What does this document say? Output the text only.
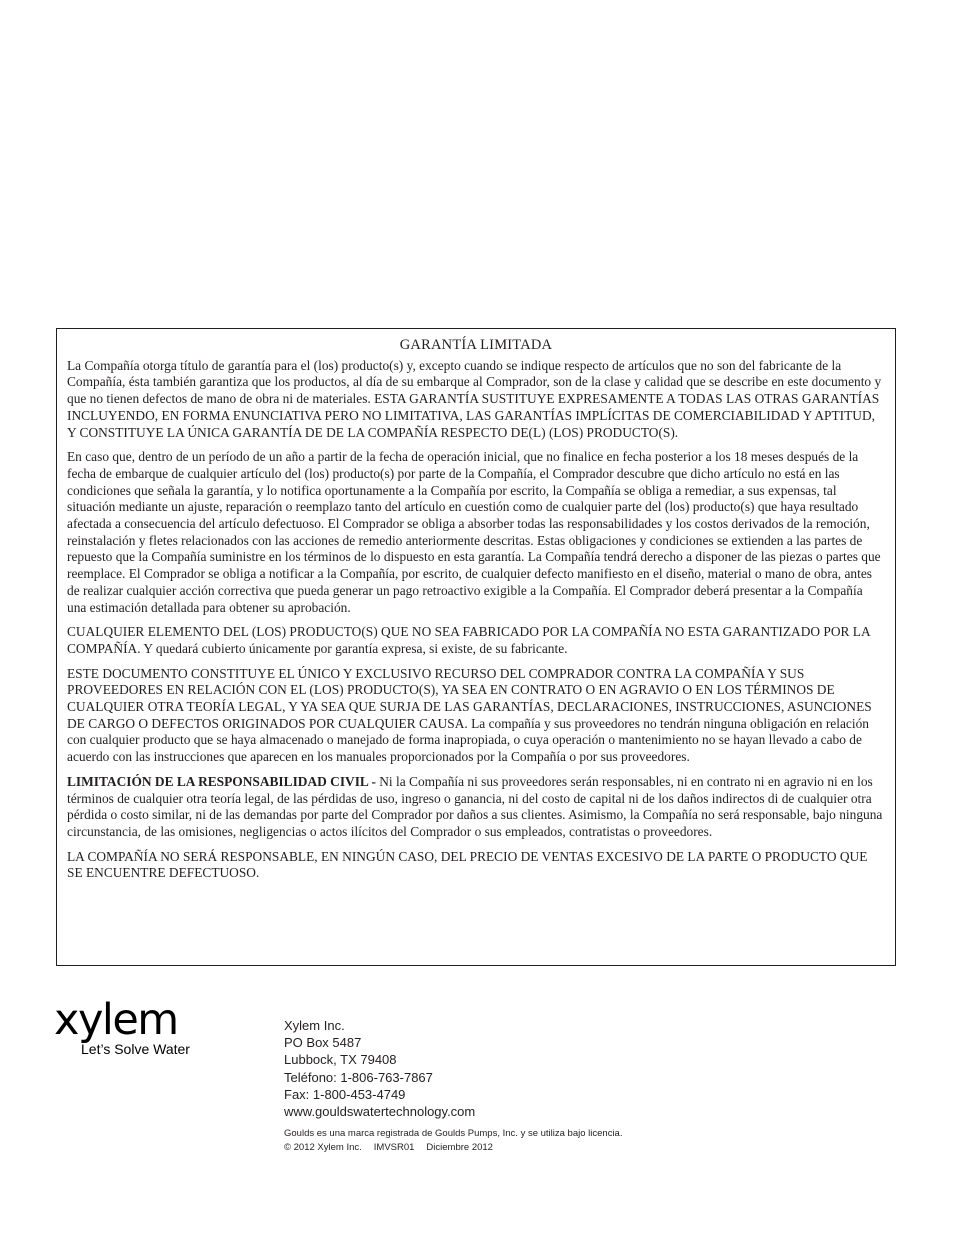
GARANTÍA LIMITADA

La Compañía otorga título de garantía para el (los) producto(s) y, excepto cuando se indique respecto de artículos que no son del fabricante de la Compañía, ésta también garantiza que los productos, al día de su embarque al Comprador, son de la clase y calidad que se describe en este documento y que no tienen defectos de mano de obra ni de materiales. ESTA GARANTÍA SUSTITUYE EXPRESAMENTE A TODAS LAS OTRAS GARANTÍAS INCLUYENDO, EN FORMA ENUNCIATIVA PERO NO LIMITATIVA, LAS GARANTÍAS IMPLÍCITAS DE COMERCIABILIDAD Y APTITUD, Y CONSTITUYE LA ÚNICA GARANTÍA DE DE LA COMPAÑÍA RESPECTO DE(L) (LOS) PRODUCTO(S).

En caso que, dentro de un período de un año a partir de la fecha de operación inicial, que no finalice en fecha posterior a los 18 meses después de la fecha de embarque de cualquier artículo del (los) producto(s) por parte de la Compañía, el Comprador descubre que dicho artículo no está en las condiciones que señala la garantía, y lo notifica oportunamente a la Compañía por escrito, la Compañía se obliga a remediar, a sus expensas, tal situación mediante un ajuste, reparación o reemplazo tanto del artículo en cuestión como de cualquier parte del (los) producto(s) que haya resultado afectada a consecuencia del artículo defectuoso. El Comprador se obliga a absorber todas las responsabilidades y los costos derivados de la remoción, reinstalación y fletes relacionados con las acciones de remedio anteriormente descritas. Estas obligaciones y condiciones se extienden a las partes de repuesto que la Compañía suministre en los términos de lo dispuesto en esta garantía. La Compañía tendrá derecho a disponer de las piezas o partes que reemplace. El Comprador se obliga a notificar a la Compañía, por escrito, de cualquier defecto manifiesto en el diseño, material o mano de obra, antes de realizar cualquier acción correctiva que pueda generar un pago retroactivo exigible a la Compañía. El Comprador deberá presentar a la Compañía una estimación detallada para obtener su aprobación.

CUALQUIER ELEMENTO DEL (LOS) PRODUCTO(S) QUE NO SEA FABRICADO POR LA COMPAÑÍA NO ESTA GARANTIZADO POR LA COMPAÑÍA. Y quedará cubierto únicamente por garantía expresa, si existe, de su fabricante.

ESTE DOCUMENTO CONSTITUYE EL ÚNICO Y EXCLUSIVO RECURSO DEL COMPRADOR CONTRA LA COMPAÑÍA Y SUS PROVEEDORES EN RELACIÓN CON EL (LOS) PRODUCTO(S), YA SEA EN CONTRATO O EN AGRAVIO O EN LOS TÉRMINOS DE CUALQUIER OTRA TEORÍA LEGAL, Y YA SEA QUE SURJA DE LAS GARANTÍAS, DECLARACIONES, INSTRUCCIONES, ASUNCIONES DE CARGO O DEFECTOS ORIGINADOS POR CUALQUIER CAUSA. La compañía y sus proveedores no tendrán ninguna obligación en relación con cualquier producto que se haya almacenado o manejado de forma inapropiada, o cuya operación o mantenimiento no se hayan llevado a cabo de acuerdo con las instrucciones que aparecen en los manuales proporcionados por la Compañía o por sus proveedores.

LIMITACIÓN DE LA RESPONSABILIDAD CIVIL - Ni la Compañía ni sus proveedores serán responsables, ni en contrato ni en agravio ni en los términos de cualquier otra teoría legal, de las pérdidas de uso, ingreso o ganancia, ni del costo de capital ni de los daños indirectos di de cualquier otra pérdida o costo similar, ni de las demandas por parte del Comprador por daños a sus clientes. Asimismo, la Compañía no será responsable, bajo ninguna circunstancia, de las omisiones, negligencias o actos ilícitos del Comprador o sus empleados, contratistas o proveedores.

LA COMPAÑÍA NO SERÁ RESPONSABLE, EN NINGÚN CASO, DEL PRECIO DE VENTAS EXCESIVO DE LA PARTE O PRODUCTO QUE SE ENCUENTRE DEFECTUOSO.

xylem
Let’s Solve Water
Xylem Inc.
PO Box 5487
Lubbock, TX 79408
Teléfono: 1-806-763-7867
Fax: 1-800-453-4749
www.gouldswatertechnology.com
Goulds es una marca registrada de Goulds Pumps, Inc. y se utiliza bajo licencia.
© 2012 Xylem Inc. IMVSR01 Diciembre 2012
